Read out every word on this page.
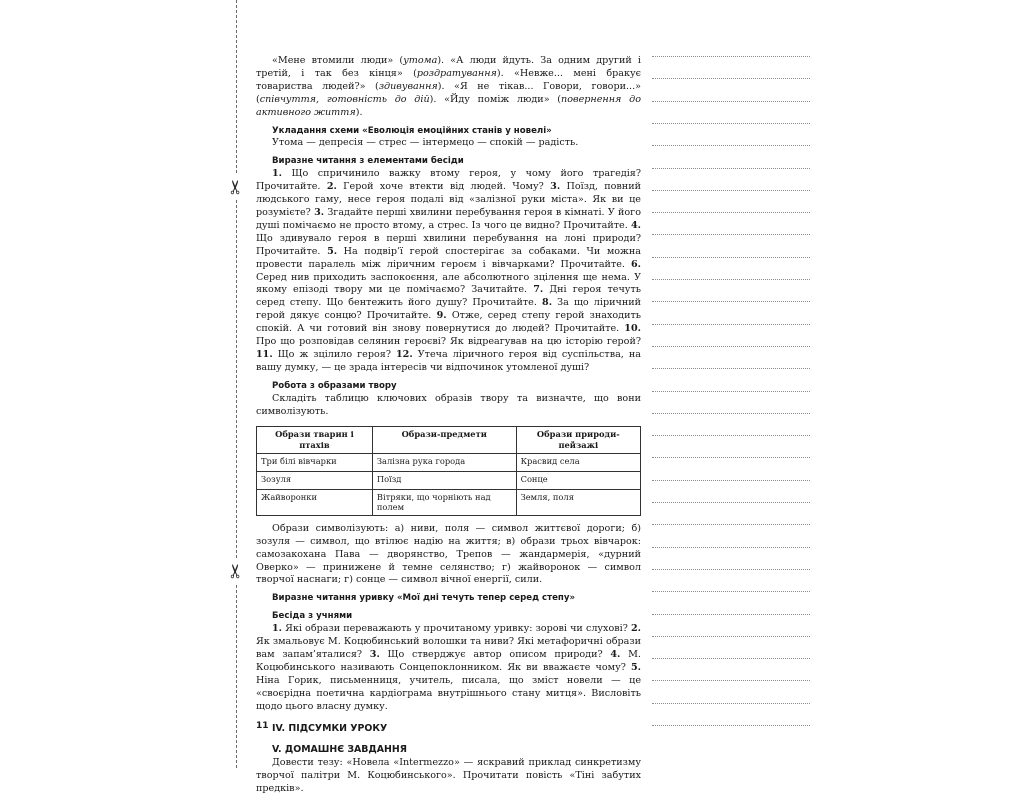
✂
✂

«Мене втомили люди» (утома). «А люди йдуть. За одним другий і третій, і так без кінця» (роздратування). «Невже... мені бракує товариства людей?» (здивування). «Я не тікав... Говори, говори...» (співчуття, готовність до дій). «Йду поміж люди» (повернення до активного життя).

Укладання схеми «Еволюція емоційних станів у новелі»

Утома — депресія — стрес — інтермецо — спокій — радість.

Виразне читання з елементами бесіди

1. Що спричинило важку втому героя, у чому його трагедія? Прочитайте. 2. Герой хоче втекти від людей. Чому? 3. Поїзд, повний людського гаму, несе героя подалі від «залізної руки міста». Як ви це розумієте? 3. Згадайте перші хвилини перебування героя в кімнаті. У його душі помічаємо не просто втому, а стрес. Із чого це видно? Прочитайте. 4. Що здивувало героя в перші хвилини перебування на лоні природи? Прочитайте. 5. На подвір’ї герой спостерігає за собаками. Чи можна провести паралель між ліричним героєм і вівчарками? Прочитайте. 6. Серед нив приходить заспокоєння, але абсолютного зцілення ще нема. У якому епізоді твору ми це помічаємо? Зачитайте. 7. Дні героя течуть серед степу. Що бентежить його душу? Прочитайте. 8. За що ліричний герой дякує сонцю? Прочитайте. 9. Отже, серед степу герой знаходить спокій. А чи готовий він знову повернутися до людей? Прочитайте. 10. Про що розповідав селянин героєві? Як відреагував на цю історію герой? 11. Що ж зцілило героя? 12. Утеча ліричного героя від суспільства, на вашу думку, — це зрада інтересів чи відпочинок утомленої душі?

Робота з образами твору

Складіть таблицю ключових образів твору та визначте, що вони символізують.

Образи тварин і птахів	Образи-предмети	Образи природи-пейзажі
Три білі вівчарки	Залізна рука города	Красвид села
Зозуля	Поїзд	Сонце
Жайворонки	Вітряки, що чорніють над полем	Земля, поля

Образи символізують: а) ниви, поля — символ життєвої дороги; б) зозуля — символ, що втілює надію на життя; в) образи трьох вівчарок: самозакохана Пава — дворянство, Трепов — жандармерія, «дурний Оверко» — принижене й темне селянство; г) жайворонок — символ творчої наснаги; г) сонце — символ вічної енергії, сили.

Виразне читання уривку «Мої дні течуть тепер серед степу»
Бесіда з учнями

1. Які образи переважають у прочитаному уривку: зорові чи слухові? 2. Як змальовує М. Коцюбинський волошки та ниви? Які метафоричні образи вам запам’яталися? 3. Що стверджує автор описом природи? 4. М. Коцюбинського називають Сонцепоклонником. Як ви вважаєте чому? 5. Ніна Горик, письменниця, учитель, писала, що зміст новели — це «своєрідна поетична кардіограма внутрішнього стану митця». Висловіть щодо цього власну думку.

IV. ПІДСУМКИ УРОКУ
V. ДОМАШНЄ ЗАВДАННЯ

Довести тезу: «Новела «Intermezzo» — яскравий приклад синкретизму творчої палітри М. Коцюбинського». Прочитати повість «Тіні забутих предків».

11
